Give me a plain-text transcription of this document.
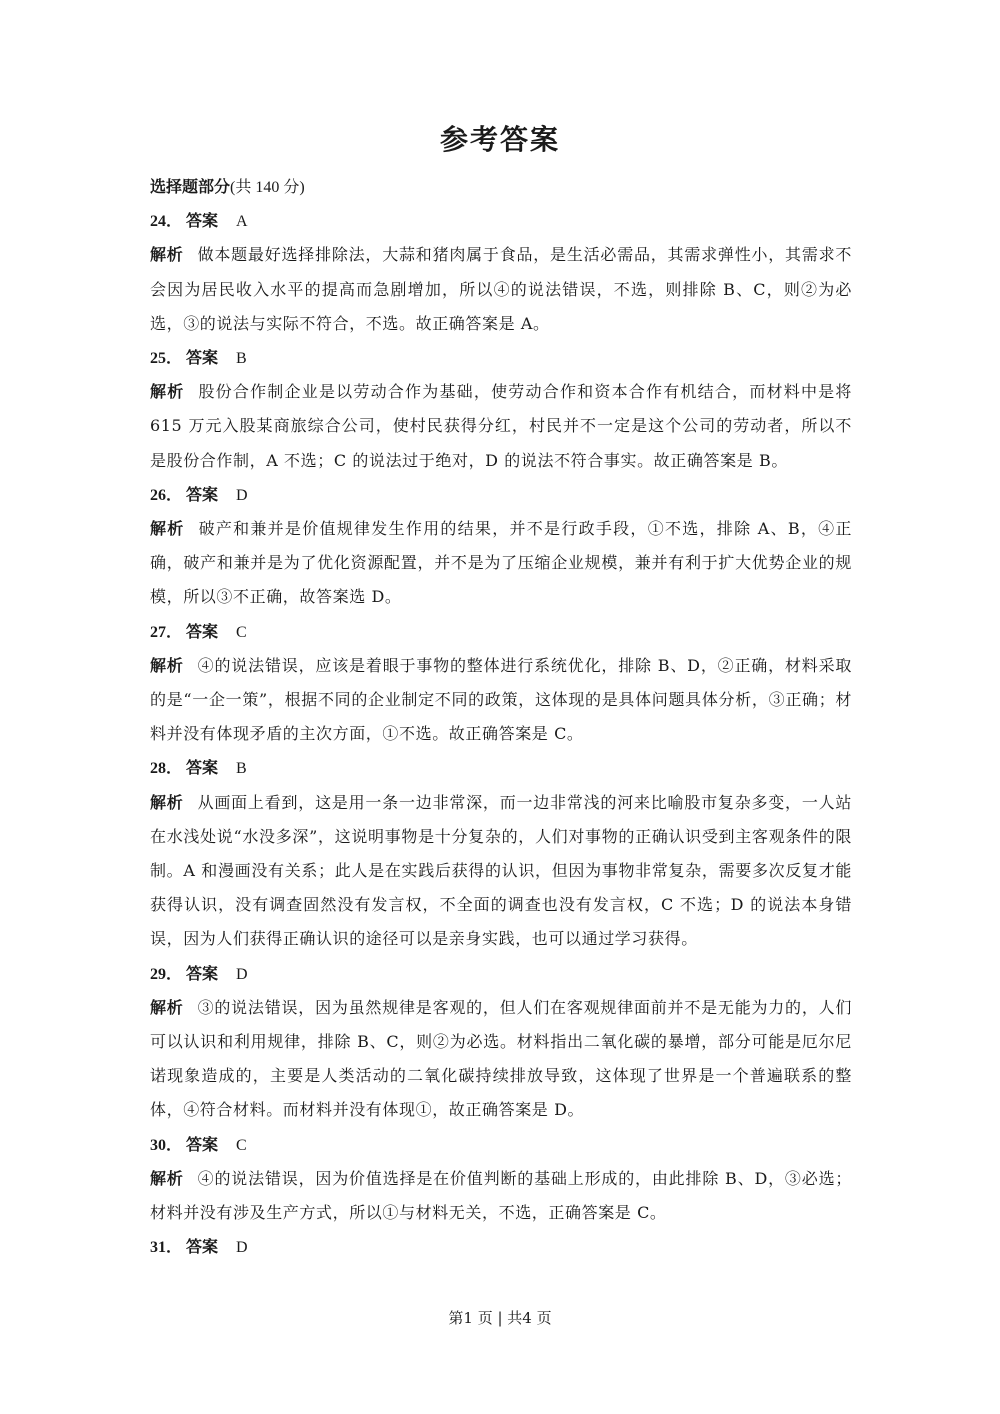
参考答案
选择题部分(共 140 分)
24． 答案 A
解析 做本题最好选择排除法，大蒜和猪肉属于食品，是生活必需品，其需求弹性小，其需求不会因为居民收入水平的提高而急剧增加，所以④的说法错误，不选，则排除 B、C，则②为必选，③的说法与实际不符合，不选。故正确答案是 A。
25． 答案 B
解析 股份合作制企业是以劳动合作为基础，使劳动合作和资本合作有机结合，而材料中是将 615 万元入股某商旅综合公司，使村民获得分红，村民并不一定是这个公司的劳动者，所以不是股份合作制，A 不选；C 的说法过于绝对，D 的说法不符合事实。故正确答案是 B。
26． 答案 D
解析 破产和兼并是价值规律发生作用的结果，并不是行政手段，①不选，排除 A、B，④正确，破产和兼并是为了优化资源配置，并不是为了压缩企业规模，兼并有利于扩大优势企业的规模，所以③不正确，故答案选 D。
27． 答案 C
解析 ④的说法错误，应该是着眼于事物的整体进行系统优化，排除 B、D，②正确，材料采取的是“一企一策”，根据不同的企业制定不同的政策，这体现的是具体问题具体分析，③正确；材料并没有体现矛盾的主次方面，①不选。故正确答案是 C。
28． 答案 B
解析 从画面上看到，这是用一条一边非常深，而一边非常浅的河来比喻股市复杂多变，一人站在水浅处说“水没多深”，这说明事物是十分复杂的，人们对事物的正确认识受到主客观条件的限制。A 和漫画没有关系；此人是在实践后获得的认识，但因为事物非常复杂，需要多次反复才能获得认识，没有调查固然没有发言权，不全面的调查也没有发言权，C 不选；D 的说法本身错误，因为人们获得正确认识的途径可以是亲身实践，也可以通过学习获得。
29． 答案 D
解析 ③的说法错误，因为虽然规律是客观的，但人们在客观规律面前并不是无能为力的，人们可以认识和利用规律，排除 B、C，则②为必选。材料指出二氧化碳的暴增，部分可能是厄尔尼诺现象造成的，主要是人类活动的二氧化碳持续排放导致，这体现了世界是一个普遍联系的整体，④符合材料。而材料并没有体现①，故正确答案是 D。
30． 答案 C
解析 ④的说法错误，因为价值选择是在价值判断的基础上形成的，由此排除 B、D，③必选；材料并没有涉及生产方式，所以①与材料无关，不选，正确答案是 C。
31． 答案 D
第1 页 | 共4 页
